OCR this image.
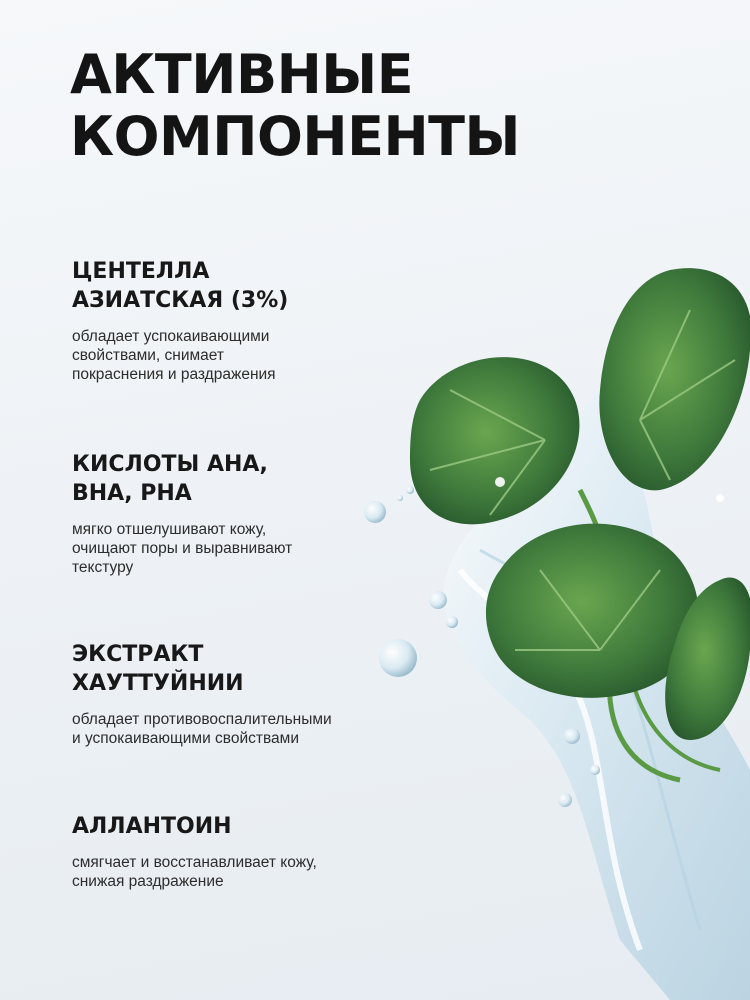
АКТИВНЫЕ
КОМПОНЕНТЫ
ЦЕНТЕЛЛА
АЗИАТСКАЯ (3%)

обладает успокаивающими
свойствами, снимает
покраснения и раздражения

КИСЛОТЫ АНА,
ВНА, РНА

мягко отшелушивают кожу,
очищают поры и выравнивают
текстуру

ЭКСТРАКТ
ХАУТТУЙНИИ

обладает противовоспалительными
и успокаивающими свойствами

АЛЛАНТОИН

смягчает и восстанавливает кожу,
снижая раздражение
